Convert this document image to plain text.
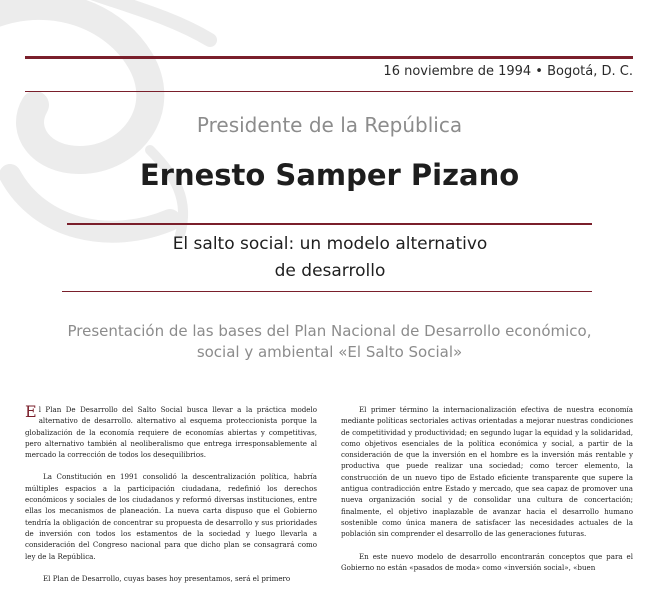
16 noviembre de 1994 • Bogotá, D. C.
Presidente de la República
Ernesto Samper Pizano
El salto social: un modelo alternativo
de desarrollo
Presentación de las bases del Plan Nacional de Desarrollo económico,
social y ambiental «El Salto Social»

El Plan De Desarrollo del Salto Social busca llevar a la práctica modelo alternativo de desarrollo. alternativo al esquema proteccionista porque la globalización de la economía requiere de economías abiertas y competitivas, pero alternativo también al neoliberalismo que entrega irresponsablemente al mercado la corrección de todos los desequilibrios.

La Constitución en 1991 consolidó la descentralización política, habría múltiples espacios a la participación ciudadana, redefinió los derechos económicos y sociales de los ciudadanos y reformó diversas instituciones, entre ellas los mecanismos de planeación. La nueva carta dispuso que el Gobierno tendría la obligación de concentrar su propuesta de desarrollo y sus prioridades de inversión con todos los estamentos de la sociedad y luego llevarla a consideración del Congreso nacional para que dicho plan se consagrará como ley de la República.

El Plan de Desarrollo, cuyas bases hoy presentamos, será el primero

El primer término la internacionalización efectiva de nuestra economía mediante políticas sectoriales activas orientadas a mejorar nuestras condiciones de competitividad y productividad; en segundo lugar la equidad y la solidaridad, como objetivos esenciales de la política económica y social, a partir de la consideración de que la inversión en el hombre es la inversión más rentable y productiva que puede realizar una sociedad; como tercer elemento, la construcción de un nuevo tipo de Estado eficiente transparente que supere la antigua contradicción entre Estado y mercado, que sea capaz de promover una nueva organización social y de consolidar una cultura de concertación; finalmente, el objetivo inaplazable de avanzar hacia el desarrollo humano sostenible como única manera de satisfacer las necesidades actuales de la población sin comprender el desarrollo de las generaciones futuras.

En este nuevo modelo de desarrollo encontrarán conceptos que para el Gobierno no están «pasados de moda» como «inversión social», «buen
